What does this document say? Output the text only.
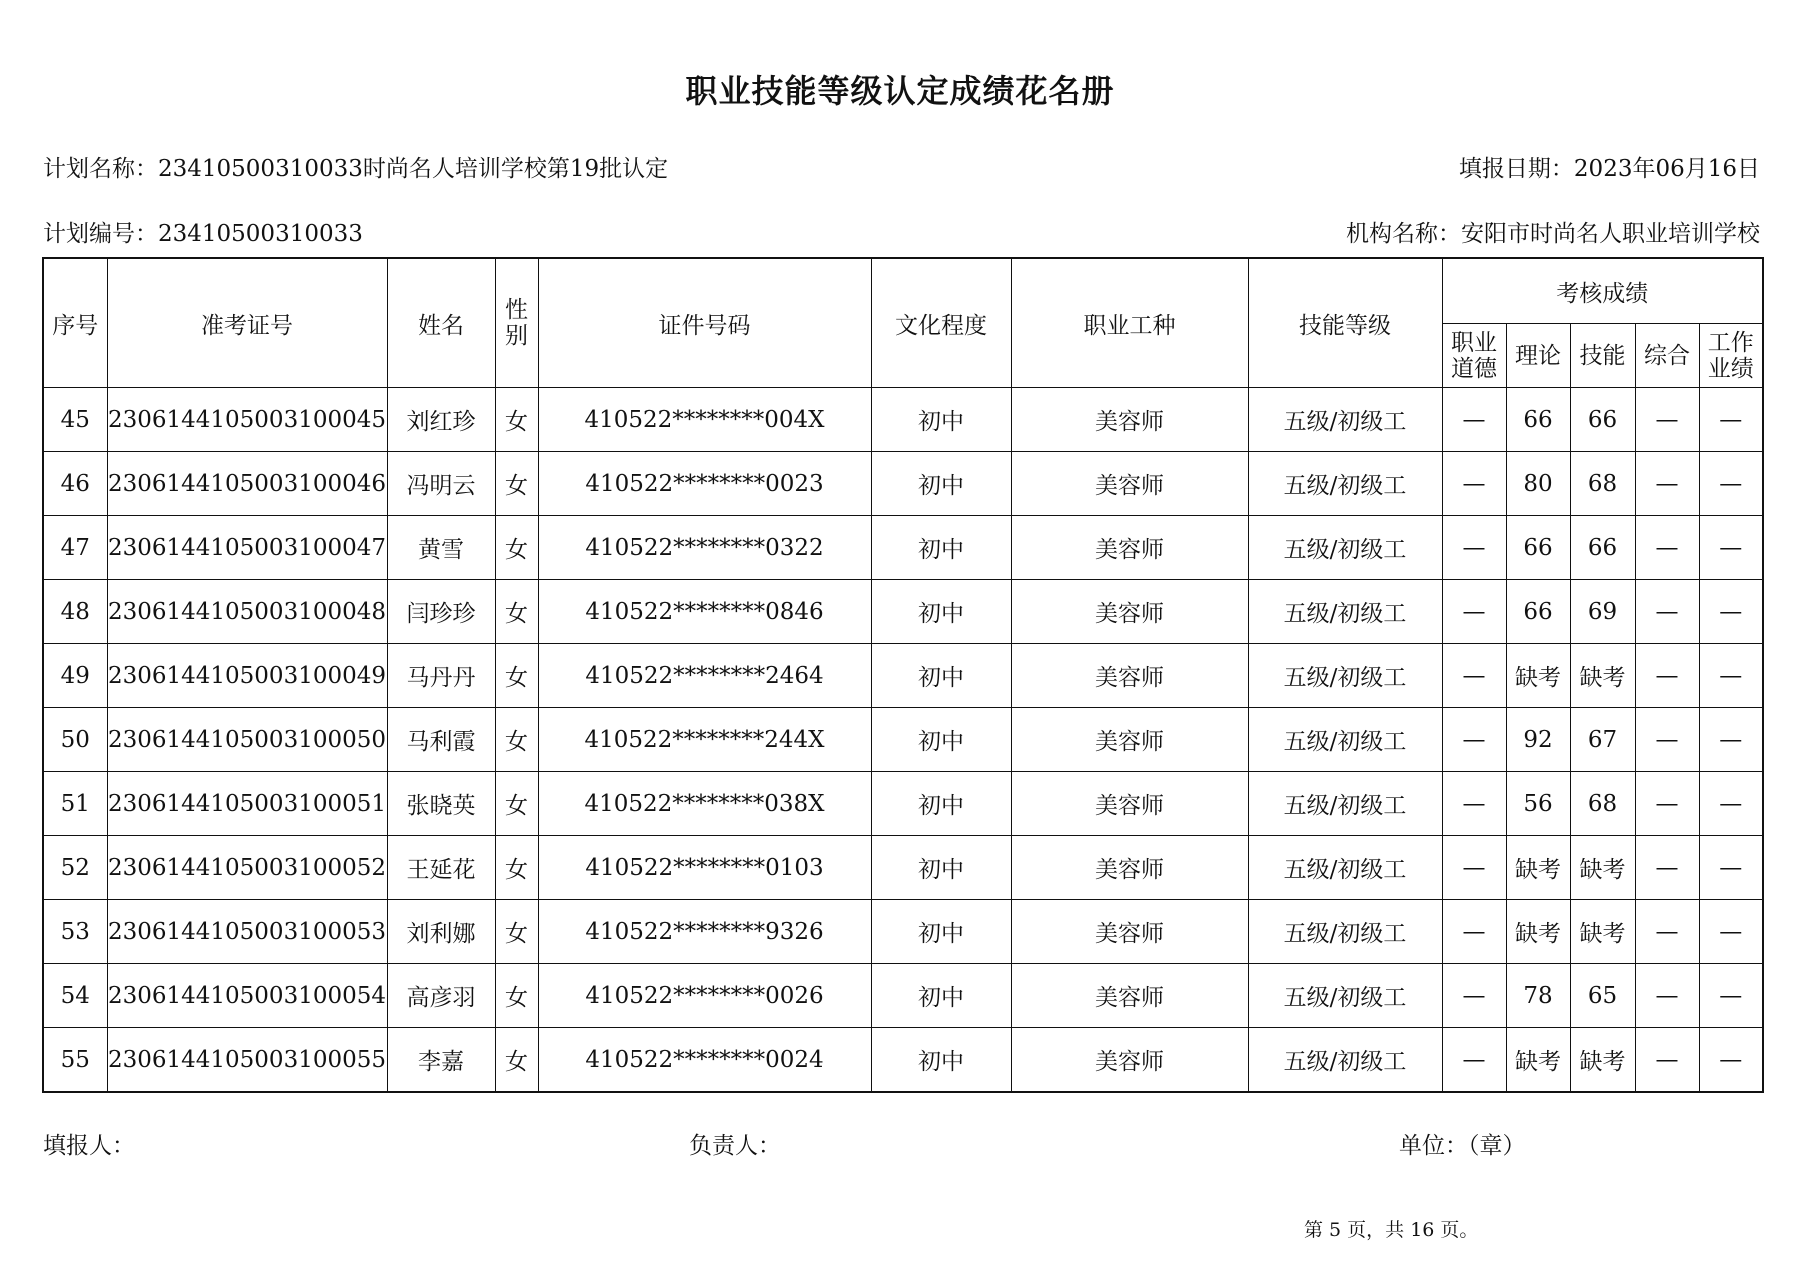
职业技能等级认定成绩花名册
计划名称：23410500310033时尚名人培训学校第19批认定	填报日期：2023年06月16日
计划编号：23410500310033	机构名称：安阳市时尚名人职业培训学校
序号	准考证号	姓名	性别	证件号码	文化程度	职业工种	技能等级	考核成绩				
								职业道德	理论	技能	综合	工作业绩
45	2306144105003100045	刘红珍	女	410522********004X	初中	美容师	五级/初级工	—	66	66	—	—
46	2306144105003100046	冯明云	女	410522********0023	初中	美容师	五级/初级工	—	80	68	—	—
47	2306144105003100047	黄雪	女	410522********0322	初中	美容师	五级/初级工	—	66	66	—	—
48	2306144105003100048	闫珍珍	女	410522********0846	初中	美容师	五级/初级工	—	66	69	—	—
49	2306144105003100049	马丹丹	女	410522********2464	初中	美容师	五级/初级工	—	缺考	缺考	—	—
50	2306144105003100050	马利霞	女	410522********244X	初中	美容师	五级/初级工	—	92	67	—	—
51	2306144105003100051	张晓英	女	410522********038X	初中	美容师	五级/初级工	—	56	68	—	—
52	2306144105003100052	王延花	女	410522********0103	初中	美容师	五级/初级工	—	缺考	缺考	—	—
53	2306144105003100053	刘利娜	女	410522********9326	初中	美容师	五级/初级工	—	缺考	缺考	—	—
54	2306144105003100054	高彦羽	女	410522********0026	初中	美容师	五级/初级工	—	78	65	—	—
55	2306144105003100055	李嘉	女	410522********0024	初中	美容师	五级/初级工	—	缺考	缺考	—	—
填报人：	负责人：	单位：（章）
第 5 页，共 16 页。
